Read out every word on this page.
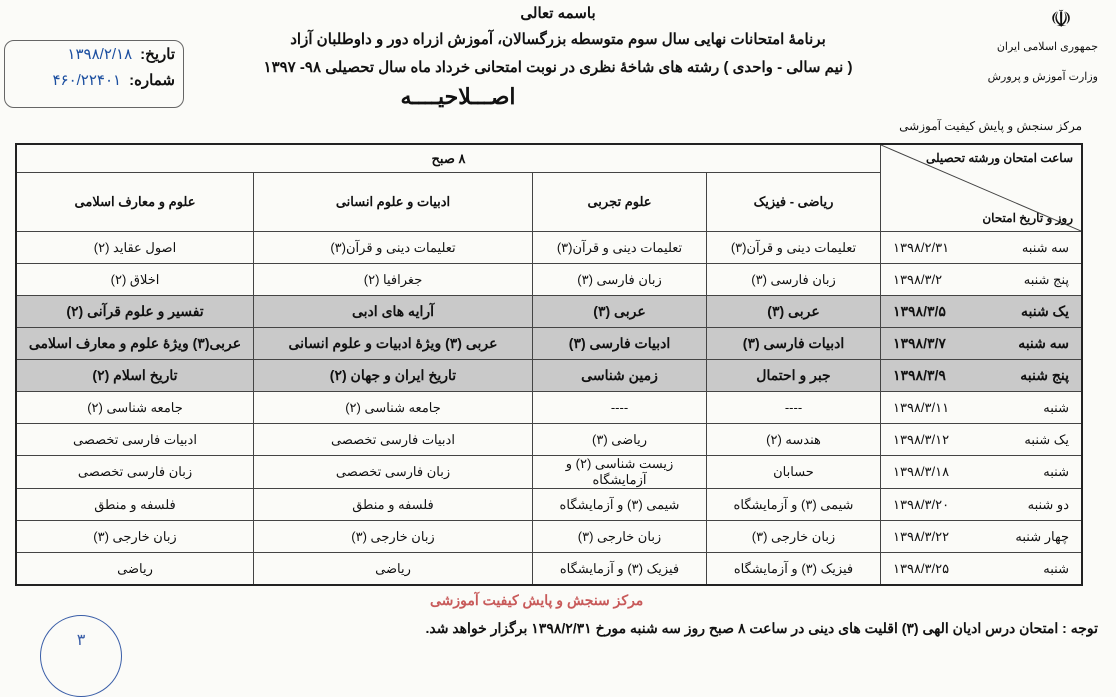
☫
جمهوری اسلامی ایران
وزارت آموزش و پرورش
مرکز سنجش و پایش کیفیت آموزشی
باسمه تعالی
برنامهٔ امتحانات نهایی سال سوم متوسطه بزرگسالان، آموزش ازراه دور و داوطلبان آزاد
( نیم سالی - واحدی ) رشته های شاخهٔ نظری در نوبت امتحانی خرداد ماه سال تحصیلی ۹۸- ۱۳۹۷
اصـــلاحیــــه
تاریخ:
۱۳۹۸/۲/۱۸
شماره:
۴۶۰/۲۲۴۰۱
ساعت امتحان ورشته تحصیلی
روز و تاریخ امتحان	۸ صبح			
	ریاضی - فیزیک	علوم تجربی	ادبیات و علوم انسانی	علوم و معارف اسلامی

سه شنبه
۱۳۹۸/۲/۳۱	تعلیمات دینی و قرآن(۳)	تعلیمات دینی و قرآن(۳)	تعلیمات دینی و قرآن(۳)	اصول عقاید (۲)

پنج شنبه
۱۳۹۸/۳/۲	زبان فارسی (۳)	زبان فارسی (۳)	جغرافیا (۲)	اخلاق (۲)

یک شنبه
۱۳۹۸/۳/۵	عربی (۳)	عربی (۳)	آرایه های ادبی	تفسیر و علوم قرآنی (۲)

سه شنبه
۱۳۹۸/۳/۷	ادبیات فارسی (۳)	ادبیات فارسی (۳)	عربی (۳) ویژهٔ ادبیات و علوم انسانی	عربی(۳) ویژهٔ علوم و معارف اسلامی

پنج شنبه
۱۳۹۸/۳/۹	جبر و احتمال	زمین شناسی	تاریخ ایران و جهان (۲)	تاریخ اسلام (۲)

شنبه
۱۳۹۸/۳/۱۱	----	----	جامعه شناسی (۲)	جامعه شناسی (۲)

یک شنبه
۱۳۹۸/۳/۱۲	هندسه (۲)	ریاضی (۳)	ادبیات فارسی تخصصی	ادبیات فارسی تخصصی

شنبه
۱۳۹۸/۳/۱۸	حسابان	زیست شناسی (۲) و آزمایشگاه	زبان فارسی تخصصی	زبان فارسی تخصصی

دو شنبه
۱۳۹۸/۳/۲۰	شیمی (۳) و آزمایشگاه	شیمی (۳) و آزمایشگاه	فلسفه و منطق	فلسفه و منطق

چهار شنبه
۱۳۹۸/۳/۲۲	زبان خارجی (۳)	زبان خارجی (۳)	زبان خارجی (۳)	زبان خارجی (۳)

شنبه
۱۳۹۸/۳/۲۵	فیزیک (۳) و آزمایشگاه	فیزیک (۳) و آزمایشگاه	ریاضی	ریاضی
مرکز سنجش و پایش کیفیت آموزشی
توجه : امتحان درس ادیان الهی (۳) اقلیت های دینی در ساعت ۸ صبح روز سه شنبه مورخ ۱۳۹۸/۲/۳۱ برگزار خواهد شد.
۳
